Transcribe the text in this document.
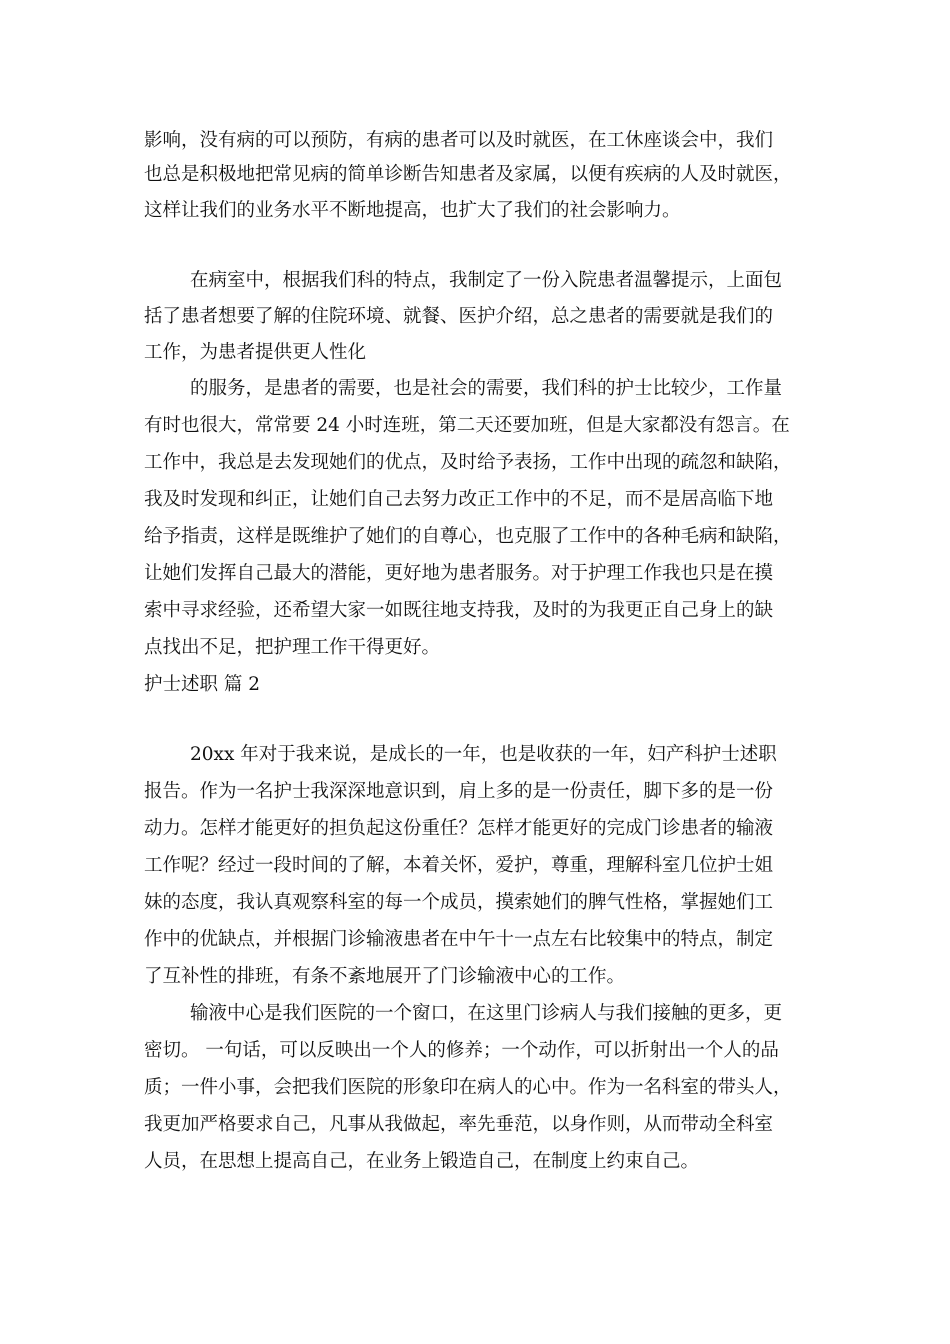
影响，没有病的可以预防，有病的患者可以及时就医，在工休座谈会中，我们
也总是积极地把常见病的简单诊断告知患者及家属，以便有疾病的人及时就医，
这样让我们的业务水平不断地提高，也扩大了我们的社会影响力。
在病室中，根据我们科的特点，我制定了一份入院患者温馨提示，上面包
括了患者想要了解的住院环境、就餐、医护介绍，总之患者的需要就是我们的
工作，为患者提供更人性化
的服务，是患者的需要，也是社会的需要，我们科的护士比较少，工作量
有时也很大，常常要 24 小时连班，第二天还要加班，但是大家都没有怨言。在
工作中，我总是去发现她们的优点，及时给予表扬，工作中出现的疏忽和缺陷，
我及时发现和纠正，让她们自己去努力改正工作中的不足，而不是居高临下地
给予指责，这样是既维护了她们的自尊心，也克服了工作中的各种毛病和缺陷，
让她们发挥自己最大的潜能，更好地为患者服务。对于护理工作我也只是在摸
索中寻求经验，还希望大家一如既往地支持我，及时的为我更正自己身上的缺
点找出不足，把护理工作干得更好。
护士述职 篇 2
20xx 年对于我来说，是成长的一年，也是收获的一年，妇产科护士述职
报告。作为一名护士我深深地意识到，肩上多的是一份责任，脚下多的是一份
动力。怎样才能更好的担负起这份重任？怎样才能更好的完成门诊患者的输液
工作呢？经过一段时间的了解，本着关怀，爱护，尊重，理解科室几位护士姐
妹的态度，我认真观察科室的每一个成员，摸索她们的脾气性格，掌握她们工
作中的优缺点，并根据门诊输液患者在中午十一点左右比较集中的特点，制定
了互补性的排班，有条不紊地展开了门诊输液中心的工作。
输液中心是我们医院的一个窗口，在这里门诊病人与我们接触的更多，更
密切。 一句话，可以反映出一个人的修养；一个动作，可以折射出一个人的品
质；一件小事，会把我们医院的形象印在病人的心中。作为一名科室的带头人，
我更加严格要求自己，凡事从我做起，率先垂范，以身作则，从而带动全科室
人员，在思想上提高自己，在业务上锻造自己，在制度上约束自己。
